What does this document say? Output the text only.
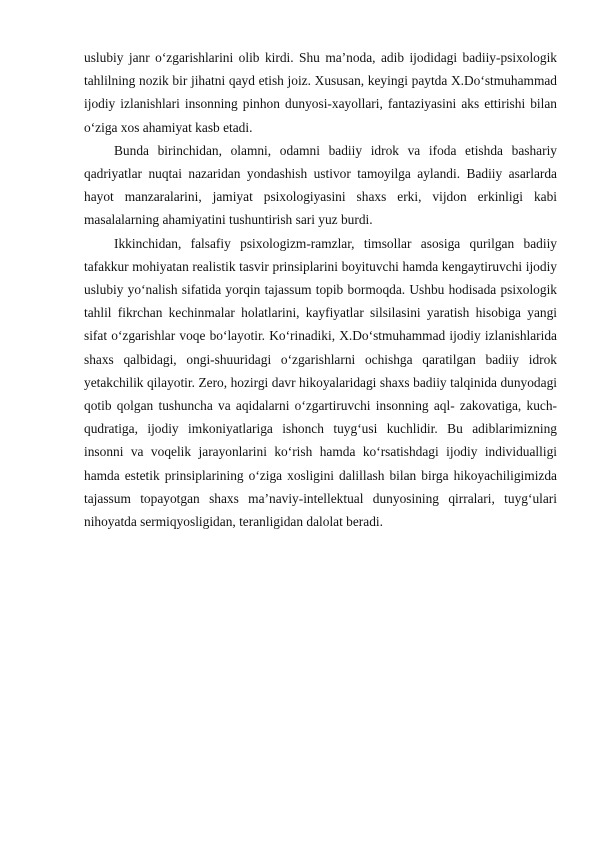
uslubiy janr o‘zgarishlarini olib kirdi. Shu ma’noda, adib ijodidagi badiiy-psixologik tahlilning nozik bir jihatni qayd etish joiz. Xususan, keyingi paytda X.Do‘stmuhammad ijodiy izlanishlari insonning pinhon dunyosi-xayollari, fantaziyasini aks ettirishi bilan o‘ziga xos ahamiyat kasb etadi.

Bunda birinchidan, olamni, odamni badiiy idrok va ifoda etishda bashariy qadriyatlar nuqtai nazaridan yondashish ustivor tamoyilga aylandi. Badiiy asarlarda hayot manzaralarini, jamiyat psixologiyasini shaxs erki, vijdon erkinligi kabi masalalarning ahamiyatini tushuntirish sari yuz burdi.

Ikkinchidan, falsafiy psixologizm-ramzlar, timsollar asosiga qurilgan badiiy tafakkur mohiyatan realistik tasvir prinsiplarini boyituvchi hamda kengaytiruvchi ijodiy uslubiy yo‘nalish sifatida yorqin tajassum topib bormoqda. Ushbu hodisada psixologik tahlil fikrchan kechinmalar holatlarini, kayfiyatlar silsilasini yaratish hisobiga yangi sifat o‘zgarishlar voqe bo‘layotir. Ko‘rinadiki, X.Do‘stmuhammad ijodiy izlanishlarida shaxs qalbidagi, ongi-shuuridagi o‘zgarishlarni ochishga qaratilgan badiiy idrok yetakchilik qilayotir. Zero, hozirgi davr hikoyalaridagi shaxs badiiy talqinida dunyodagi qotib qolgan tushuncha va aqidalarni o‘zgartiruvchi insonning aql- zakovatiga, kuch-qudratiga, ijodiy imkoniyatlariga ishonch tuyg‘usi kuchlidir. Bu adiblarimizning insonni va voqelik jarayonlarini ko‘rish hamda ko‘rsatishdagi ijodiy individualligi hamda estetik prinsiplarining o‘ziga xosligini dalillash bilan birga hikoyachiligimizda tajassum topayotgan shaxs ma’naviy-intellektual dunyosining qirralari, tuyg‘ulari nihoyatda sermiqyosligidan, teranligidan dalolat beradi.
